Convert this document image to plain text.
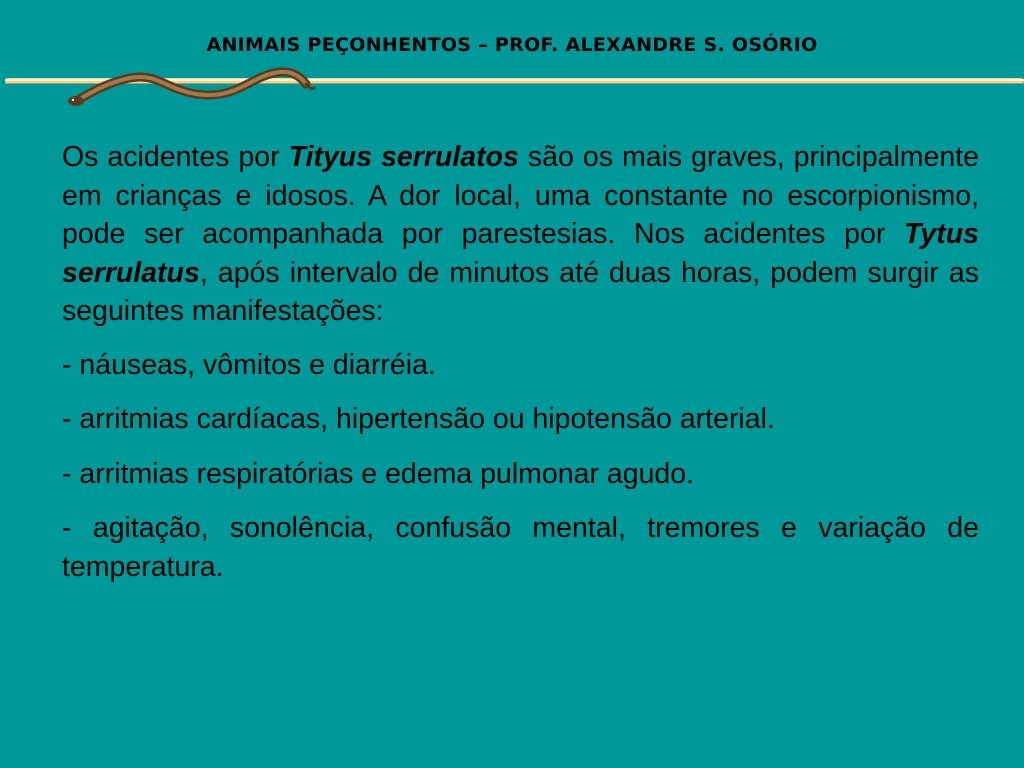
ANIMAIS PEÇONHENTOS – PROF. ALEXANDRE S. OSÓRIO

Os acidentes por Tityus serrulatos são os mais graves, principalmente em crianças e idosos. A dor local, uma constante no escorpionismo, pode ser acompanhada por parestesias. Nos acidentes por Tytus serrulatus, após intervalo de minutos até duas horas, podem surgir as seguintes manifestações:

- náuseas, vômitos e diarréia.

- arritmias cardíacas, hipertensão ou hipotensão arterial.

- arritmias respiratórias e edema pulmonar agudo.

- agitação, sonolência, confusão mental, tremores e variação de temperatura.
